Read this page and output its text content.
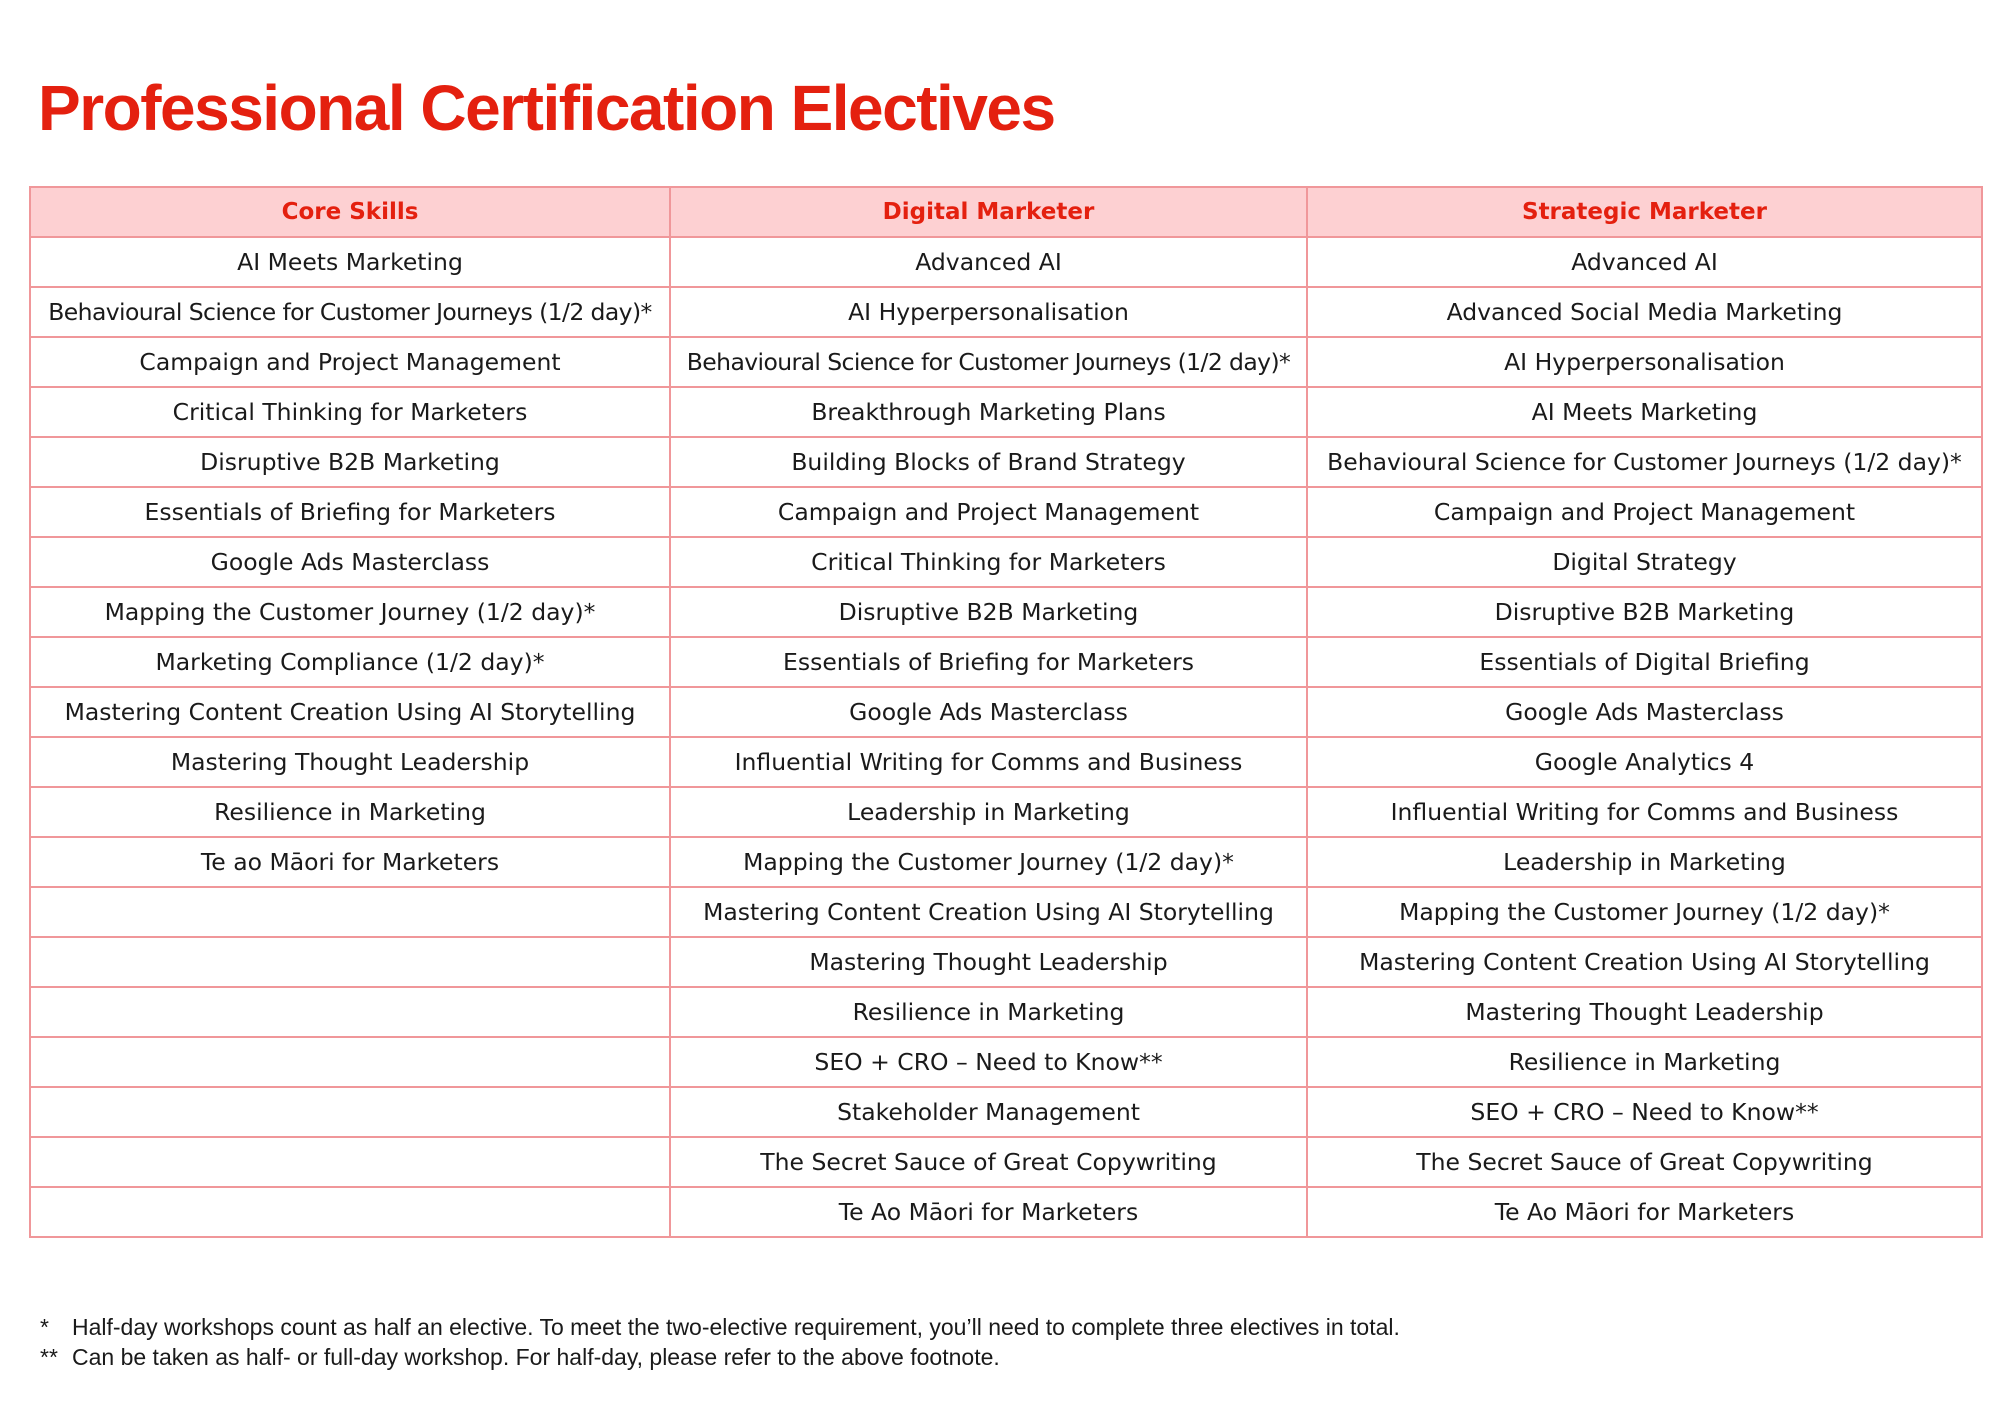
Professional Certification Electives
Core Skills	Digital Marketer	Strategic Marketer
AI Meets Marketing	Advanced AI	Advanced AI
Behavioural Science for Customer Journeys (1/2 day)*	AI Hyperpersonalisation	Advanced Social Media Marketing
Campaign and Project Management	Behavioural Science for Customer Journeys (1/2 day)*	AI Hyperpersonalisation
Critical Thinking for Marketers	Breakthrough Marketing Plans	AI Meets Marketing
Disruptive B2B Marketing	Building Blocks of Brand Strategy	Behavioural Science for Customer Journeys (1/2 day)*
Essentials of Briefing for Marketers	Campaign and Project Management	Campaign and Project Management
Google Ads Masterclass	Critical Thinking for Marketers	Digital Strategy
Mapping the Customer Journey (1/2 day)*	Disruptive B2B Marketing	Disruptive B2B Marketing
Marketing Compliance (1/2 day)*	Essentials of Briefing for Marketers	Essentials of Digital Briefing
Mastering Content Creation Using AI Storytelling	Google Ads Masterclass	Google Ads Masterclass
Mastering Thought Leadership	Influential Writing for Comms and Business	Google Analytics 4
Resilience in Marketing	Leadership in Marketing	Influential Writing for Comms and Business
Te ao Māori for Marketers	Mapping the Customer Journey (1/2 day)*	Leadership in Marketing
	Mastering Content Creation Using AI Storytelling	Mapping the Customer Journey (1/2 day)*
	Mastering Thought Leadership	Mastering Content Creation Using AI Storytelling
	Resilience in Marketing	Mastering Thought Leadership
	SEO + CRO – Need to Know**	Resilience in Marketing
	Stakeholder Management	SEO + CRO – Need to Know**
	The Secret Sauce of Great Copywriting	The Secret Sauce of Great Copywriting
	Te Ao Māori for Marketers	Te Ao Māori for Marketers
*	Half-day workshops count as half an elective. To meet the two-elective requirement, you’ll need to complete three electives in total.
** Can be taken as half- or full-day workshop. For half-day, please refer to the above footnote.
